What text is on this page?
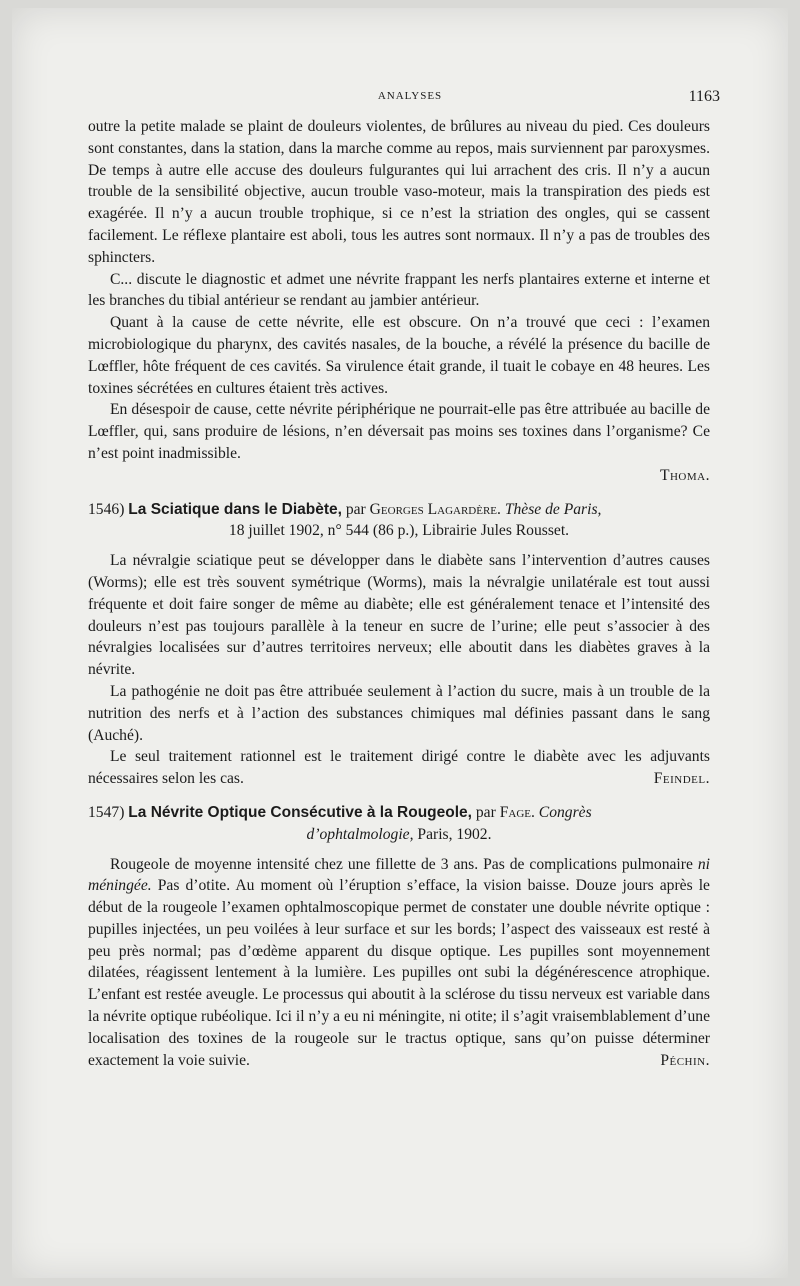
ANALYSES	1163

outre la petite malade se plaint de douleurs violentes, de brûlures au niveau du pied. Ces douleurs sont constantes, dans la station, dans la marche comme au repos, mais surviennent par paroxysmes. De temps à autre elle accuse des douleurs fulgurantes qui lui arrachent des cris. Il n’y a aucun trouble de la sensibilité objective, aucun trouble vaso-moteur, mais la transpiration des pieds est exagérée. Il n’y a aucun trouble trophique, si ce n’est la striation des ongles, qui se cassent facilement. Le réflexe plantaire est aboli, tous les autres sont normaux. Il n’y a pas de troubles des sphincters.

C... discute le diagnostic et admet une névrite frappant les nerfs plantaires externe et interne et les branches du tibial antérieur se rendant au jambier antérieur.

Quant à la cause de cette névrite, elle est obscure. On n’a trouvé que ceci : l’examen microbiologique du pharynx, des cavités nasales, de la bouche, a révélé la présence du bacille de Lœffler, hôte fréquent de ces cavités. Sa virulence était grande, il tuait le cobaye en 48 heures. Les toxines sécrétées en cultures étaient très actives.

En désespoir de cause, cette névrite périphérique ne pourrait-elle pas être attribuée au bacille de Lœffler, qui, sans produire de lésions, n’en déversait pas moins ses toxines dans l’organisme? Ce n’est point inadmissible.

Thoma.

1546) La Sciatique dans le Diabète, par Georges Lagardère. Thèse de Paris,

18 juillet 1902, n° 544 (86 p.), Librairie Jules Rousset.

La névralgie sciatique peut se développer dans le diabète sans l’intervention d’autres causes (Worms); elle est très souvent symétrique (Worms), mais la névralgie unilatérale est tout aussi fréquente et doit faire songer de même au diabète; elle est généralement tenace et l’intensité des douleurs n’est pas toujours parallèle à la teneur en sucre de l’urine; elle peut s’associer à des névralgies localisées sur d’autres territoires nerveux; elle aboutit dans les diabètes graves à la névrite.

La pathogénie ne doit pas être attribuée seulement à l’action du sucre, mais à un trouble de la nutrition des nerfs et à l’action des substances chimiques mal définies passant dans le sang (Auché).

Le seul traitement rationnel est le traitement dirigé contre le diabète avec les adjuvants nécessaires selon les cas.	Feindel.

1547) La Névrite Optique Consécutive à la Rougeole, par Fage. Congrès

d’ophtalmologie, Paris, 1902.

Rougeole de moyenne intensité chez une fillette de 3 ans. Pas de complications pulmonaire ni méningée. Pas d’otite. Au moment où l’éruption s’efface, la vision baisse. Douze jours après le début de la rougeole l’examen ophtalmoscopique permet de constater une double névrite optique : pupilles injectées, un peu voilées à leur surface et sur les bords; l’aspect des vaisseaux est resté à peu près normal; pas d’œdème apparent du disque optique. Les pupilles sont moyennement dilatées, réagissent lentement à la lumière. Les pupilles ont subi la dégénérescence atrophique. L’enfant est restée aveugle. Le processus qui aboutit à la sclérose du tissu nerveux est variable dans la névrite optique rubéolique. Ici il n’y a eu ni méningite, ni otite; il s’agit vraisemblablement d’une localisation des toxines de la rougeole sur le tractus optique, sans qu’on puisse déterminer exactement la voie suivie.	Péchin.
